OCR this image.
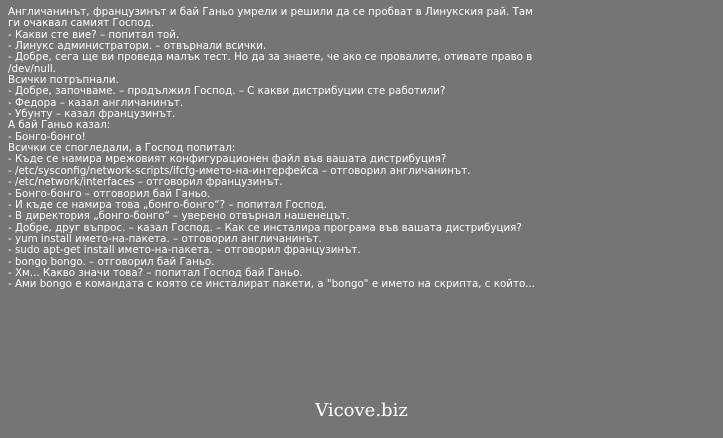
Англичанинът, французинът и бай Ганьо умрели и решили да се пробват в Линукския рай. Там
ги очаквал самият Господ.
- Какви сте вие? – попитал той.
- Линукс администратори. – отвърнали всички.
- Добре, сега ще ви проведа малък тест. Но да за знаете, че ако се провалите, отивате право в
/dev/null.
Всички потръпнали.
- Добре, започваме. – продължил Господ. – С какви дистрибуции сте работили?
- Федора – казал англичанинът.
- Убунту – казал французинът.
А бай Ганьо казал:
- Бонго-бонго!
Всички се спогледали, а Господ попитал:
- Къде се намира мрежовият конфигурационен файл във вашата дистрибуция?
- /etc/sysconfig/network-scripts/ifcfg-името-на-интерфейса – отговорил англичанинът.
- /etc/network/interfaces – отговорил французинът.
- Бонго-бонго – отговорил бай Ганьо.
- И къде се намира това „бонго-бонго“? – попитал Господ.
- В директория „бонго-бонго“ – уверено отвърнал нашенецът.
- Добре, друг въпрос. – казал Господ. – Как се инсталира програма във вашата дистрибуция?
- yum install името-на-пакета. – отговорил англичанинът.
- sudo apt-get install името-на-пакета. – отговорил французинът.
- bongo bongo. – отговорил бай Ганьо.
- Хм... Какво значи това? – попитал Господ бай Ганьо.
- Ами bongo е командата с която се инсталират пакети, а "bongo" е името на скрипта, с който...
Vicove.biz
